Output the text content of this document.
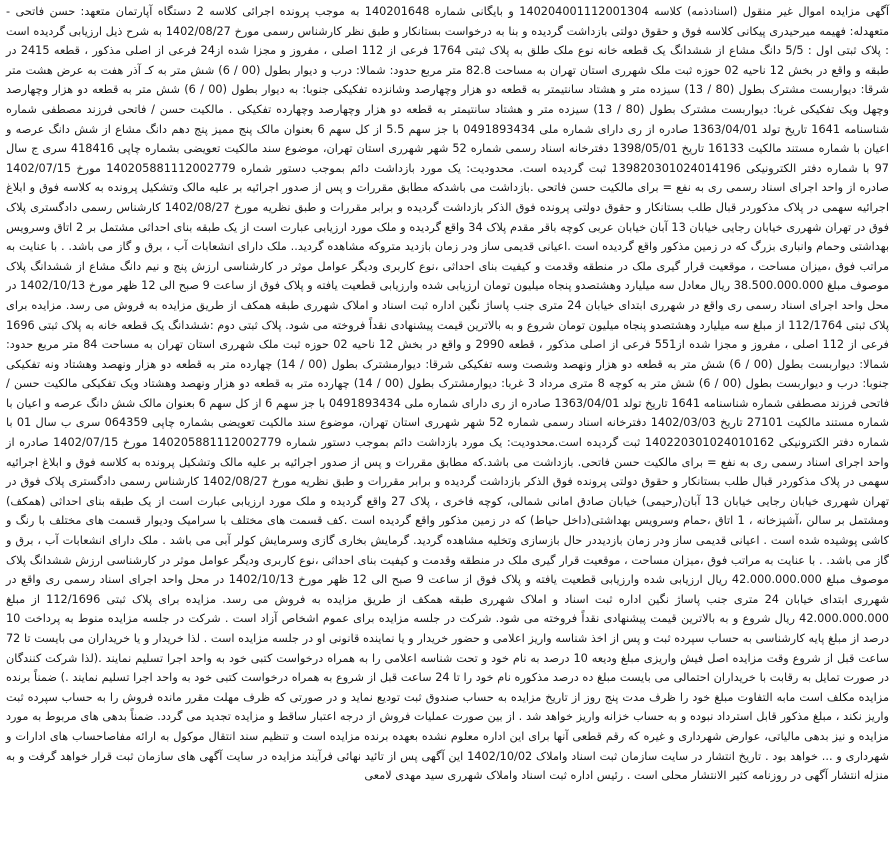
آگهی مزایده اموال غیر منقول (اسنادذمه) کلاسه 140204001112001304 و بایگانی شماره 140201648 به موجب پرونده اجرائی کلاسه 2 دستگاه آپارتمان متعهد: حسن فاتحی - متعهدله: فهیمه میرحیدری پیکانی کلاسه فوق و حقوق دولتی بازداشت گردیده و بنا به درخواست بستانکار و طبق نظر کارشناس رسمی مورخ 1402/08/27 به شرح ذیل ارزیابی گردیده است : پلاک ثبتی اول : 5/5 دانگ مشاع از ششدانگ یک قطعه خانه نوع ملک طلق به پلاک ثبتی 1764 فرعی از 112 اصلی ، مفروز و مجزا شده از24 فرعی از اصلی مذکور ، قطعه 2415 در طبقه و واقع در بخش 12 ناحیه 02 حوزه ثبت ملک شهرری استان تهران به مساحت 82.8 متر مربع حدود: شمالا: درب و دیوار بطول (00 / 6) شش متر به کـ آذر هفت به عرض هشت متر شرقا: دیواربست مشترک بطول (80 / 13) سیزده متر و هشتاد سانتیمتر به قطعه دو هزار وچهارصد وشانزده تفکیکی جنوبا: به دیوار بطول (00 / 6) شش متر به قطعه دو هزار وچهارصد وچهل ویک تفکیکی غربا: دیواربست مشترک بطول (80 / 13) سیزده متر و هشتاد سانتیمتر به قطعه دو هزار وچهارصد وچهارده تفکیکی . مالکیت حسن / فاتحی فرزند مصطفی شماره شناسنامه 1641 تاریخ تولد 1363/04/01 صادره از ری دارای شماره ملی 0491893434 با جز سهم 5.5 از کل سهم 6 بعنوان مالک پنج ممیز پنج دهم دانگ مشاع از شش دانگ عرصه و اعیان با شماره مستند مالکیت 16133 تاریخ 1398/05/01 دفترخانه اسناد رسمی شماره 52 شهر شهرری استان تهران، موضوع سند مالکیت تعویضی بشماره چاپی 418416 سری ج سال 97 با شماره دفتر الکترونیکی 139820301024014196 ثبت گردیده است. محدودیت: یک مورد بازداشت دائم بموجب دستور شماره 140205881112002779 مورخ 1402/07/15 صادره از واحد اجرای اسناد رسمی ری به نفع = برای مالکیت حسن فاتحی .بازداشت می باشدکه مطابق مقررات و پس از صدور اجرائیه بر علیه مالک وتشکیل پرونده به کلاسه فوق و ابلاغ اجرائیه سهمی در پلاک مذکوردر قبال طلب بستانکار و حقوق دولتی پرونده فوق الذکر بازداشت گردیده و برابر مقررات و طبق نظریه مورخ 1402/08/27 کارشناس رسمی دادگستری پلاک فوق در تهران شهرری خیابان رجایی خیابان 13 آبان خیابان عربی کوچه باقر مقدم پلاک 34 واقع گردیده و ملک مورد ارزیابی عبارت است از یک طبقه بنای احداثی مشتمل بر 2 اتاق وسرویس بهداشتی وحمام وانباری بزرگ که در زمین مذکور واقع گردیده است .اعیانی قدیمی ساز ودر زمان بازدید متروکه مشاهده گردید.. ملک دارای انشعابات آب ، برق و گاز می باشد. . با عنایت به مراتب فوق ،میزان مساحت ، موقعیت قرار گیری ملک در منطقه وقدمت و کیفیت بنای احداثی ،نوع کاربری ودیگر عوامل موثر در کارشناسی ارزش پنج و نیم دانگ مشاع از ششدانگ پلاک موصوف مبلغ 38.500.000.000 ریال معادل سه میلیارد وهشتصدو پنجاه میلیون تومان ارزیابی شده وارزیابی قطعیت یافته و پلاک فوق از ساعت 9 صبح الی 12 ظهر مورخ 1402/10/13 در محل واحد اجرای اسناد رسمی ری واقع در شهرری ابتدای خیابان 24 متری جنب پاساژ نگین اداره ثبت اسناد و املاک شهرری طبقه همکف از طریق مزایده به فروش می رسد. مزایده برای پلاک ثبتی 112/1764 از مبلغ سه میلیارد وهشتصدو پنجاه میلیون تومان شروع و به بالاترین قیمت پیشنهادی نقداً فروخته می شود. پلاک ثبتی دوم :ششدانگ یک قطعه خانه به پلاک ثبتی 1696 فرعی از 112 اصلی ، مفروز و مجزا شده از551 فرعی از اصلی مذکور ، قطعه 2990 و واقع در بخش 12 ناحیه 02 حوزه ثبت ملک شهرری استان تهران به مساحت 84 متر مربع حدود: شمالا: دیواربست بطول (00 / 6) شش متر به قطعه دو هزار ونهصد وشصت وسه تفکیکی شرقا: دیوارمشترک بطول (00 / 14) چهارده متر به قطعه دو هزار ونهصد وهشتاد ونه تفکیکی جنوبا: درب و دیواربست بطول (00 / 6) شش متر به کوچه 8 متری مرداد 3 غربا: دیوارمشترک بطول (00 / 14) چهارده متر به قطعه دو هزار ونهصد وهشتاد ویک تفکیکی مالکیت حسن / فاتحی فرزند مصطفی شماره شناسنامه 1641 تاریخ تولد 1363/04/01 صادره از ری دارای شماره ملی 0491893434 با جز سهم 6 از کل سهم 6 بعنوان مالک شش دانگ عرصه و اعیان با شماره مستند مالکیت 27101 تاریخ 1402/03/03 دفترخانه اسناد رسمی شماره 52 شهر شهرری استان تهران، موضوع سند مالکیت تعویضی بشماره چاپی 064359 سری ب سال 01 با شماره دفتر الکترونیکی 140220301024010162 ثبت گردیده است.محدودیت: یک مورد بازداشت دائم بموجب دستور شماره 140205881112002779 مورخ 1402/07/15 صادره از واحد اجرای اسناد رسمی ری به نفع = برای مالکیت حسن فاتحی. بازداشت می باشد.که مطابق مقررات و پس از صدور اجرائیه بر علیه مالک وتشکیل پرونده به کلاسه فوق و ابلاغ اجرائیه سهمی در پلاک مذکوردر قبال طلب بستانکار و حقوق دولتی پرونده فوق الذکر بازداشت گردیده و برابر مقررات و طبق نظریه مورخ 1402/08/27 کارشناس رسمی دادگستری پلاک فوق در تهران شهرری خیابان رجایی خیابان 13 آبان(رحیمی) خیابان صادق امانی شمالی، کوچه فاخری ، پلاک 27 واقع گردیده و ملک مورد ارزیابی عبارت است از یک طبقه بنای احداثی (همکف) ومشتمل بر سالن ،آشپزخانه ، 1 اتاق ،حمام وسرویس بهداشتی(داخل حیاط) که در زمین مذکور واقع گردیده است .کف قسمت های مختلف با سرامیک ودیوار قسمت های مختلف با رنگ و کاشی پوشیده شده است . اعیانی قدیمی ساز ودر زمان بازدیددر حال بازسازی وتخلیه مشاهده گردید. گرمایش بخاری گازی وسرمایش کولر آبی می باشد . ملک دارای انشعابات آب ، برق و گاز می باشد. . با عنایت به مراتب فوق ،میزان مساحت ، موقعیت قرار گیری ملک در منطقه وقدمت و کیفیت بنای احداثی ،نوع کاربری ودیگر عوامل موثر در کارشناسی ارزش ششدانگ پلاک موصوف مبلغ 42.000.000.000 ریال ارزیابی شده وارزیابی قطعیت یافته و پلاک فوق از ساعت 9 صبح الی 12 ظهر مورخ 1402/10/13 در محل واحد اجرای اسناد رسمی ری واقع در شهرری ابتدای خیابان 24 متری جنب پاساژ نگین اداره ثبت اسناد و املاک شهرری طبقه همکف از طریق مزایده به فروش می رسد. مزایده برای پلاک ثبتی 112/1696 از مبلغ 42.000.000.000 ریال شروع و به بالاترین قیمت پیشنهادی نقداً فروخته می شود. شرکت در جلسه مزایده برای عموم اشخاص آزاد است . شرکت در جلسه مزایده منوط به پرداخت 10 درصد از مبلغ پایه کارشناسی به حساب سپرده ثبت و پس از اخذ شناسه واریز اعلامی و حضور خریدار و یا نماینده قانونی او در جلسه مزایده است . لذا خریدار و یا خریداران می بایست تا 72 ساعت قبل از شروع وقت مزایده اصل فیش واریزی مبلغ ودیعه 10 درصد به نام خود و تحت شناسه اعلامی را به همراه درخواست کتبی خود به واحد اجرا تسلیم نمایند .(لذا شرکت کنندگان در صورت تمایل به رقابت با خریداران احتمالی می بایست مبلغ ده درصد مذکوره نام خود را تا 24 ساعت قبل از شروع به همراه درخواست کتبی خود به واحد اجرا تسلیم نمایند .) ضمناً برنده مزایده مکلف است مابه التفاوت مبلغ خود را ظرف مدت پنج روز از تاریخ مزایده به حساب صندوق ثبت تودیع نماید و در صورتی که ظرف مهلت مقرر مانده فروش را به حساب سپرده ثبت واریز نکند ، مبلغ مذکور قابل استرداد نبوده و به حساب خزانه واریز خواهد شد . از بین صورت عملیات فروش از درجه اعتبار ساقط و مزایده تجدید می گردد. ضمناً بدهی های مربوط به مورد مزایده و نیز بدهی مالیاتی، عوارض شهرداری و غیره که رقم قطعی آنها برای این اداره معلوم نشده بعهده برنده مزایده است و تنظیم سند انتقال موکول به ارائه مفاصاحساب های ادارات و شهرداری و ... خواهد بود . تاریخ انتشار در سایت سازمان ثبت اسناد واملاک 1402/10/02 این آگهی پس از تائید نهائی فرآیند مزایده در سایت آگهی های سازمان ثبت قرار خواهد گرفت و به منزله انتشار آگهی در روزنامه کثیر الانتشار محلی است . رئیس اداره ثبت اسناد واملاک شهرری سید مهدی لامعی
